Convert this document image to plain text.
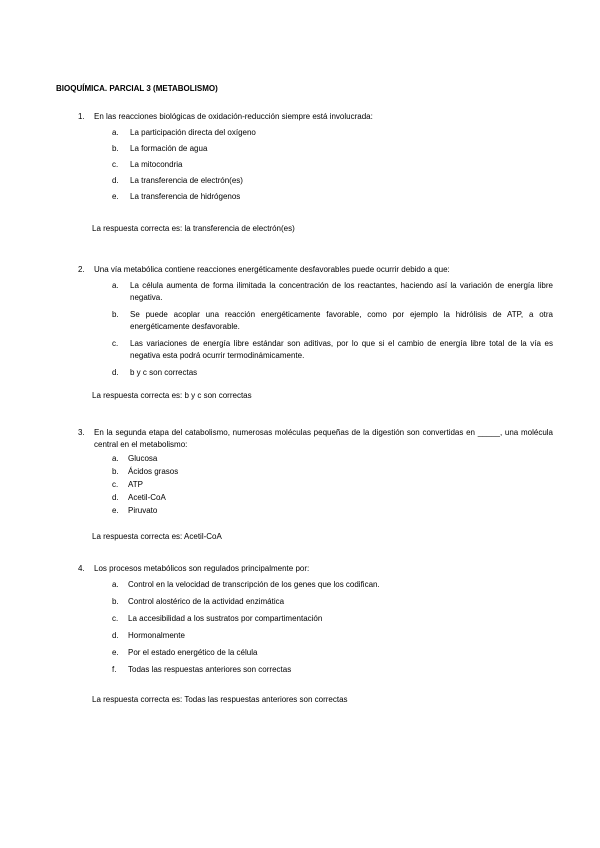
BIOQUÍMICA. PARCIAL 3 (METABOLISMO)
1.	En las reacciones biológicas de oxidación-reducción siempre está involucrada:
a.	La participación directa del oxígeno
b.	La formación de agua
c.	La mitocondria
d.	La transferencia de electrón(es)
e.	La transferencia de hidrógenos
La respuesta correcta es: la transferencia de electrón(es)
2.	Una vía metabólica contiene reacciones energéticamente desfavorables puede ocurrir debido a que:
a.	La célula aumenta de forma ilimitada la concentración de los reactantes, haciendo así la variación de energía libre negativa.
b.	Se puede acoplar una reacción energéticamente favorable, como por ejemplo la hidrólisis de ATP, a otra energéticamente desfavorable.
c.	Las variaciones de energía libre estándar son aditivas, por lo que si el cambio de energía libre total de la vía es negativa esta podrá ocurrir termodinámicamente.
d.	b y c son correctas
La respuesta correcta es: b y c son correctas
3.	En la segunda etapa del catabolismo, numerosas moléculas pequeñas de la digestión son convertidas en _____, una molécula central en el metabolismo:
a.	Glucosa
b.	Ácidos grasos
c.	ATP
d.	Acetil-CoA
e.	Piruvato
La respuesta correcta es: Acetil-CoA
4.	Los procesos metabólicos son regulados principalmente por:
a.	Control en la velocidad de transcripción de los genes que los codifican.
b.	Control alostérico de la actividad enzimática
c.	La accesibilidad a los sustratos por compartimentación
d.	Hormonalmente
e.	Por el estado energético de la célula
f.	Todas las respuestas anteriores son correctas
La respuesta correcta es: Todas las respuestas anteriores son correctas
